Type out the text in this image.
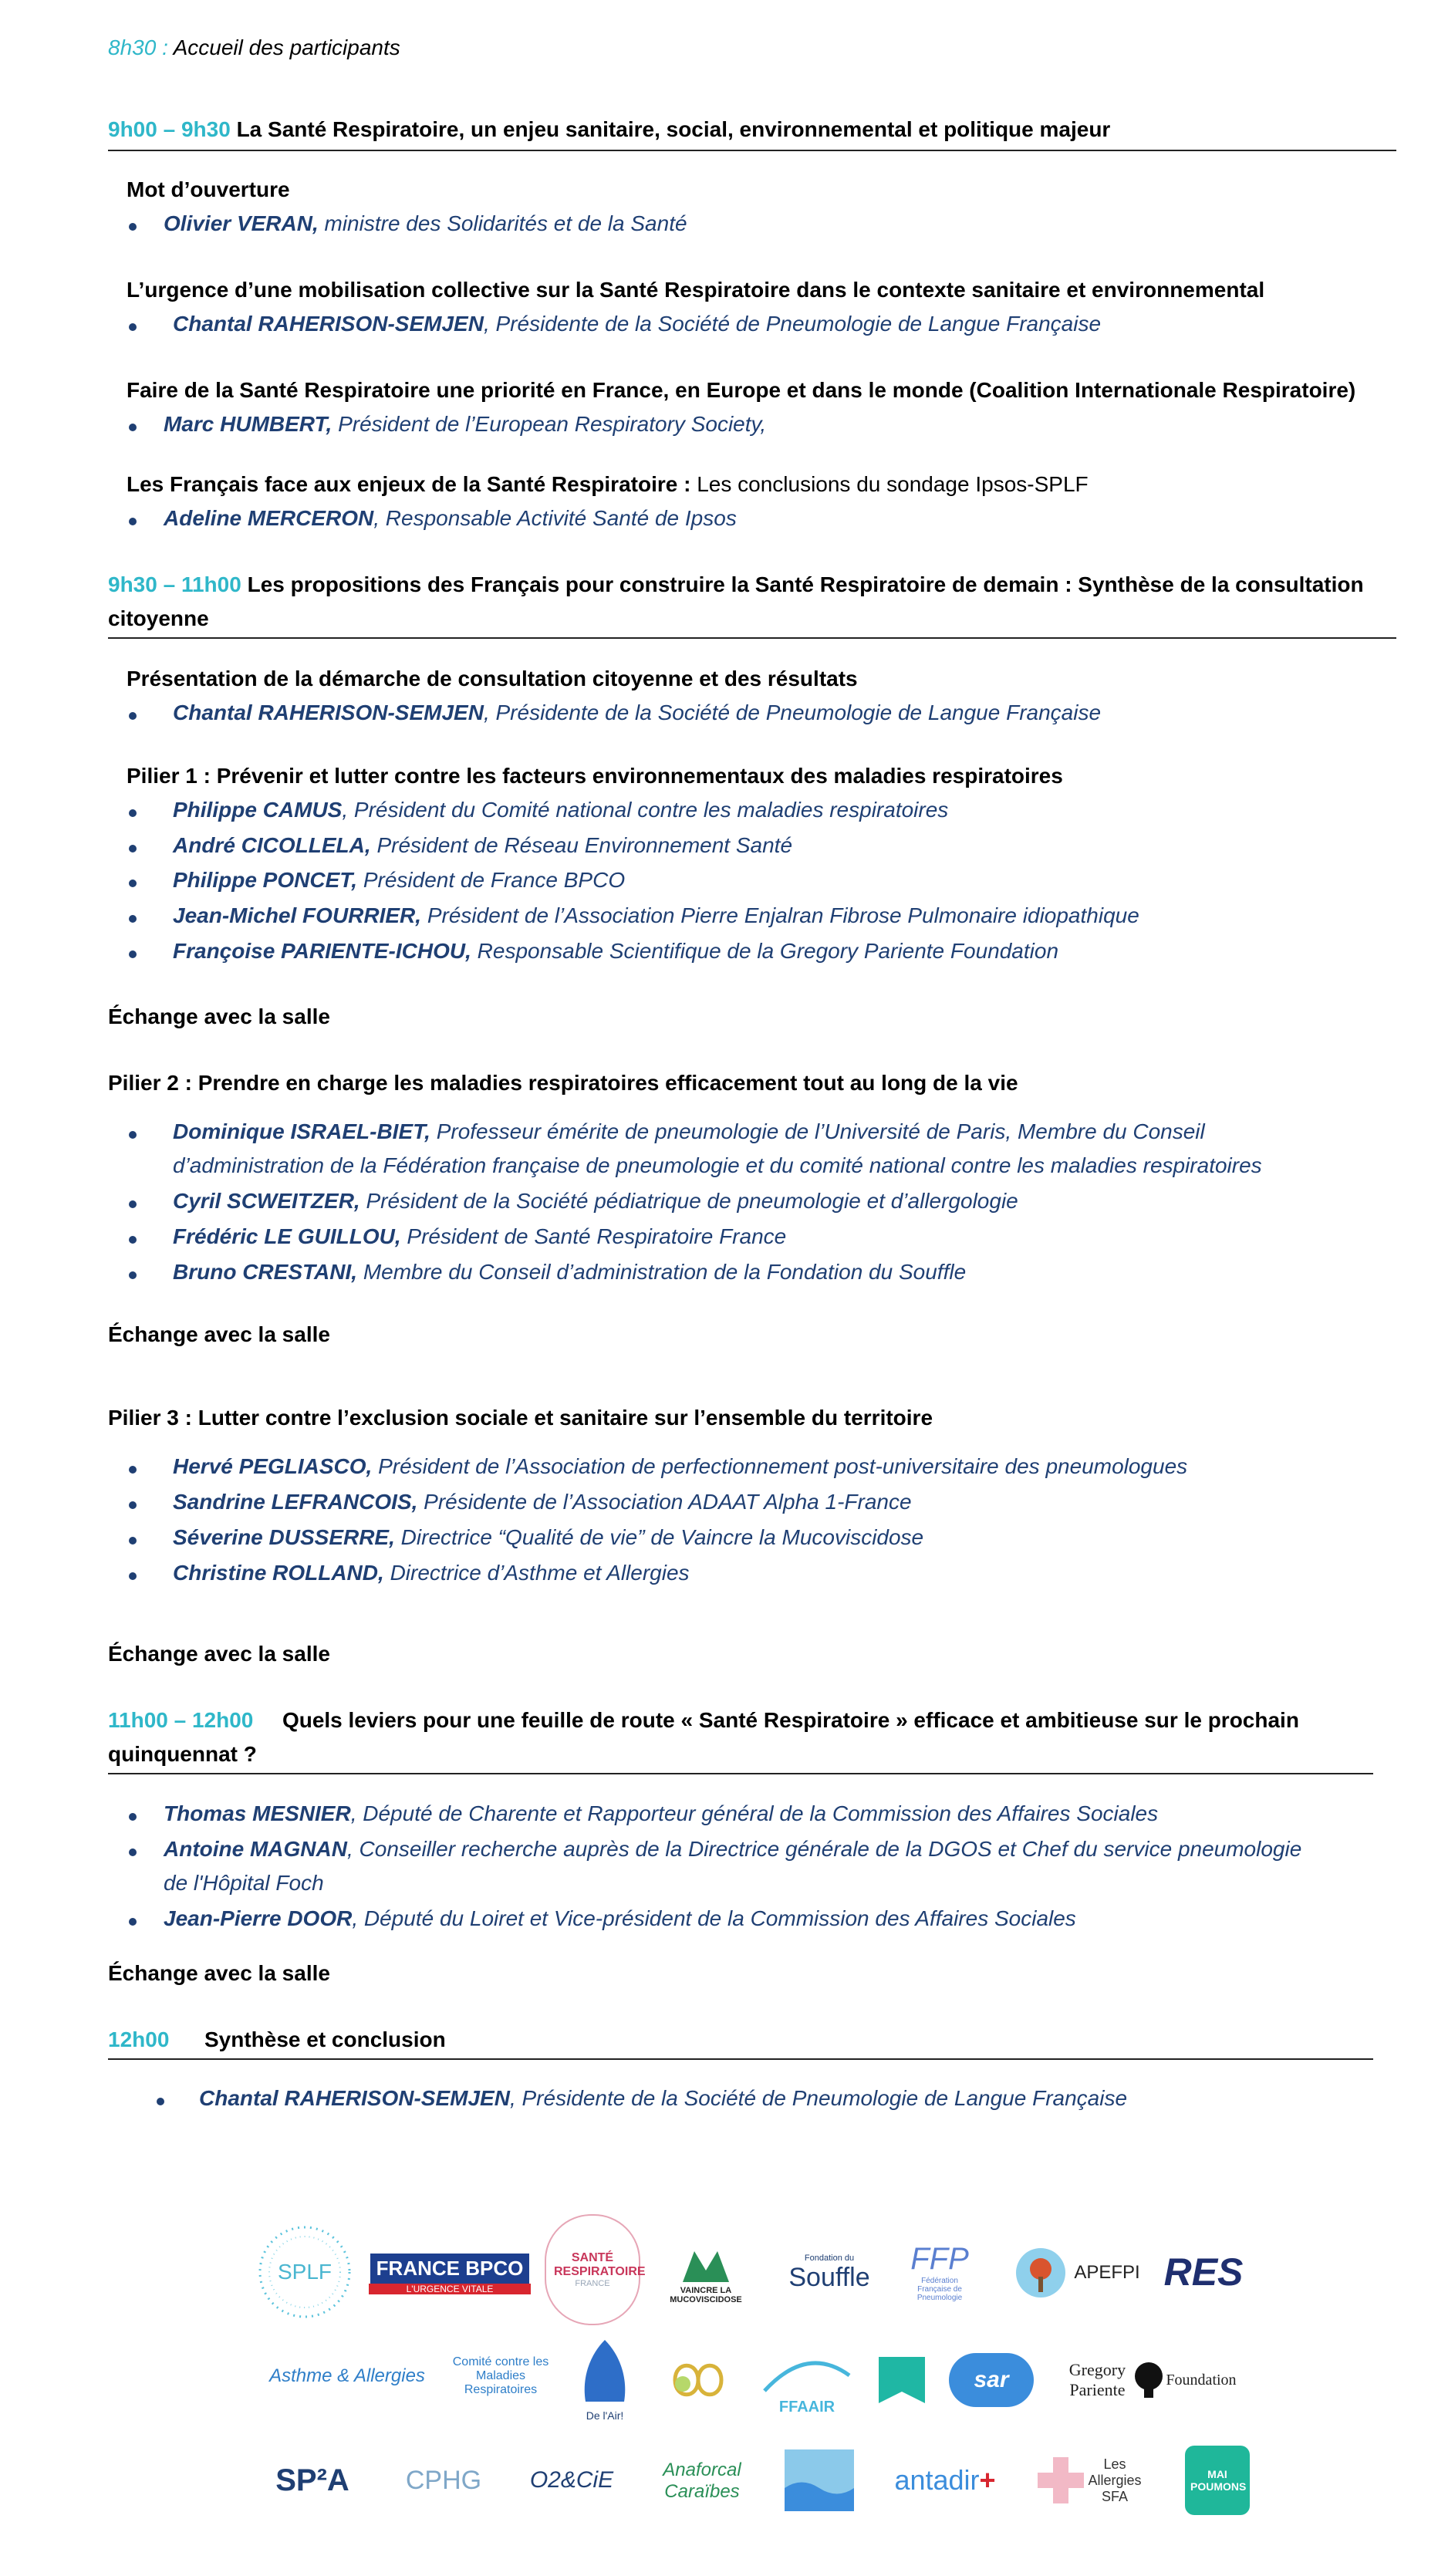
8h30 : Accueil des participants
9h00 – 9h30 La Santé Respiratoire, un enjeu sanitaire, social, environnemental et politique majeur
Mot d’ouverture
Olivier VERAN, ministre des Solidarités et de la Santé
L’urgence d’une mobilisation collective sur la Santé Respiratoire dans le contexte sanitaire et environnemental
Chantal RAHERISON-SEMJEN, Présidente de la Société de Pneumologie de Langue Française
Faire de la Santé Respiratoire une priorité en France, en Europe et dans le monde (Coalition Internationale Respiratoire)
Marc HUMBERT, Président de l’European Respiratory Society,
Les Français face aux enjeux de la Santé Respiratoire : Les conclusions du sondage Ipsos-SPLF
Adeline MERCERON, Responsable Activité Santé de Ipsos
9h30 – 11h00 Les propositions des Français pour construire la Santé Respiratoire de demain : Synthèse de la consultation
citoyenne
Présentation de la démarche de consultation citoyenne et des résultats
Chantal RAHERISON-SEMJEN, Présidente de la Société de Pneumologie de Langue Française
Pilier 1 : Prévenir et lutter contre les facteurs environnementaux des maladies respiratoires
Philippe CAMUS, Président du Comité national contre les maladies respiratoires
André CICOLLELA, Président de Réseau Environnement Santé
Philippe PONCET, Président de France BPCO
Jean-Michel FOURRIER, Président de l’Association Pierre Enjalran Fibrose Pulmonaire idiopathique
Françoise PARIENTE-ICHOU, Responsable Scientifique de la Gregory Pariente Foundation
Échange avec la salle
Pilier 2 : Prendre en charge les maladies respiratoires efficacement tout au long de la vie
Dominique ISRAEL-BIET, Professeur émérite de pneumologie de l’Université de Paris, Membre du Conseil
d’administration de la Fédération française de pneumologie et du comité national contre les maladies respiratoires
Cyril SCWEITZER, Président de la Société pédiatrique de pneumologie et d’allergologie
Frédéric LE GUILLOU, Président de Santé Respiratoire France
Bruno CRESTANI, Membre du Conseil d’administration de la Fondation du Souffle
Échange avec la salle
Pilier 3 : Lutter contre l’exclusion sociale et sanitaire sur l’ensemble du territoire
Hervé PEGLIASCO, Président de l’Association de perfectionnement post-universitaire des pneumologues
Sandrine LEFRANCOIS, Présidente de l’Association ADAAT Alpha 1-France
Séverine DUSSERRE, Directrice “Qualité de vie” de Vaincre la Mucoviscidose
Christine ROLLAND, Directrice d’Asthme et Allergies
Échange avec la salle
11h00 – 12h00 Quels leviers pour une feuille de route « Santé Respiratoire » efficace et ambitieuse sur le prochain
quinquennat ?
Thomas MESNIER, Député de Charente et Rapporteur général de la Commission des Affaires Sociales
Antoine MAGNAN, Conseiller recherche auprès de la Directrice générale de la DGOS et Chef du service pneumologie
de l'Hôpital Foch
Jean-Pierre DOOR, Député du Loiret et Vice-président de la Commission des Affaires Sociales
Échange avec la salle
12h00 Synthèse et conclusion
Chantal RAHERISON-SEMJEN, Présidente de la Société de Pneumologie de Langue Française
SPLF	FRANCE BPCO
L'URGENCE VITALE
SANTÉ RESPIRATOIRE
FRANCE
VAINCRE LA MUCOVISCIDOSE
Fondation du
Souffle
FFP
Fédération Française de Pneumologie
APEFPI RES
Asthme & Allergies
Comité contre les Maladies Respiratoires
De l'Air!
FFAAIR
sar	Gregory Pariente
Foundation
SP²A CPHG O2&CiE	Anaforcal Caraïbes	antadir +
Les Allergies SFA
MAI POUMONS
